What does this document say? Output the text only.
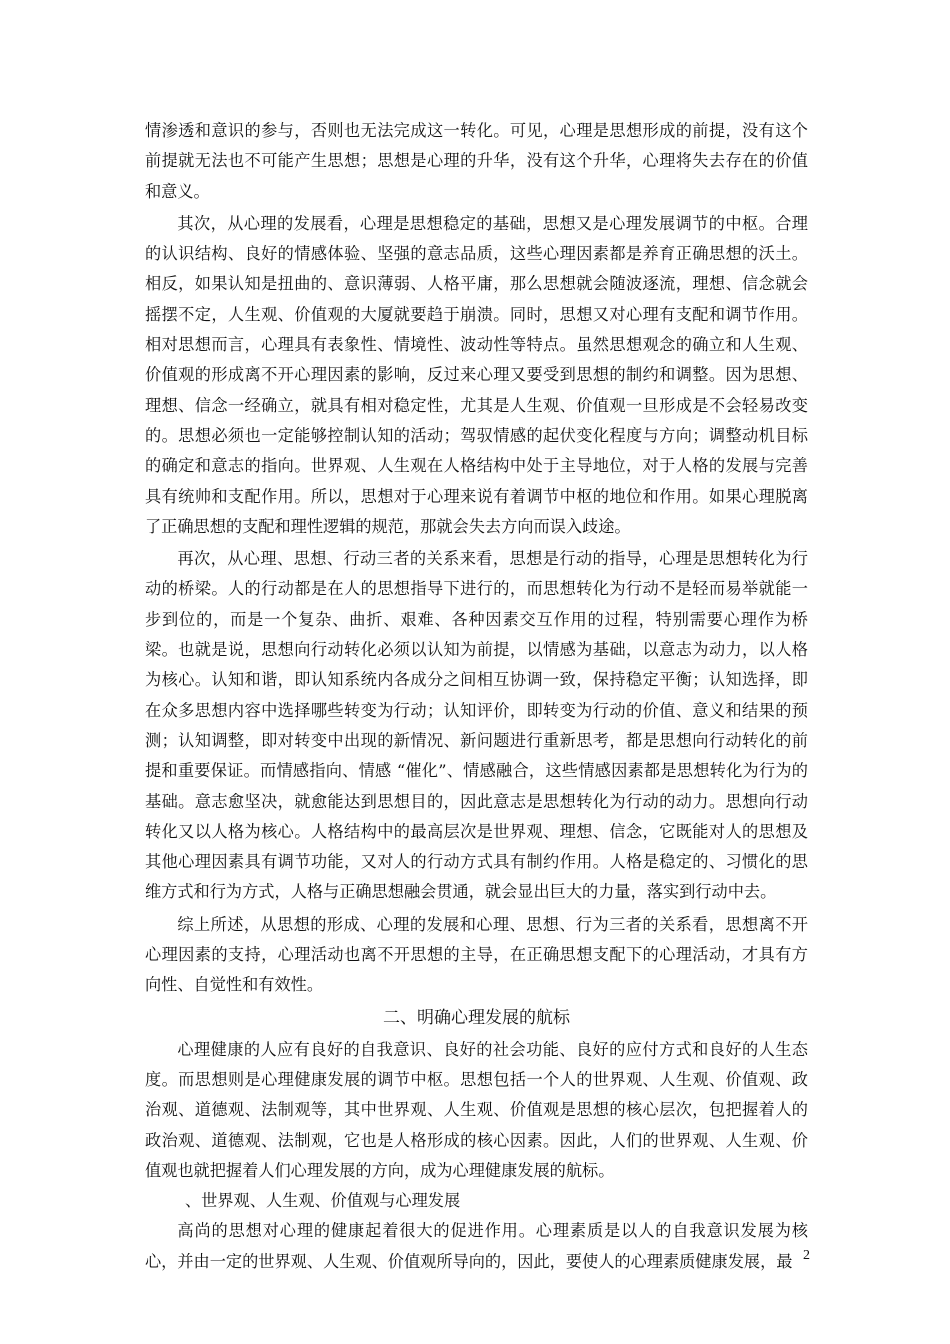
情渗透和意识的参与，否则也无法完成这一转化。可见，心理是思想形成的前提，没有这个前提就无法也不可能产生思想；思想是心理的升华，没有这个升华，心理将失去存在的价值和意义。

其次，从心理的发展看，心理是思想稳定的基础，思想又是心理发展调节的中枢。合理的认识结构、良好的情感体验、坚强的意志品质，这些心理因素都是养育正确思想的沃土。相反，如果认知是扭曲的、意识薄弱、人格平庸，那么思想就会随波逐流，理想、信念就会摇摆不定，人生观、价值观的大厦就要趋于崩溃。同时，思想又对心理有支配和调节作用。相对思想而言，心理具有表象性、情境性、波动性等特点。虽然思想观念的确立和人生观、价值观的形成离不开心理因素的影响，反过来心理又要受到思想的制约和调整。因为思想、理想、信念一经确立，就具有相对稳定性，尤其是人生观、价值观一旦形成是不会轻易改变的。思想必须也一定能够控制认知的活动；驾驭情感的起伏变化程度与方向；调整动机目标的确定和意志的指向。世界观、人生观在人格结构中处于主导地位，对于人格的发展与完善具有统帅和支配作用。所以，思想对于心理来说有着调节中枢的地位和作用。如果心理脱离了正确思想的支配和理性逻辑的规范，那就会失去方向而误入歧途。

再次，从心理、思想、行动三者的关系来看，思想是行动的指导，心理是思想转化为行动的桥梁。人的行动都是在人的思想指导下进行的，而思想转化为行动不是轻而易举就能一步到位的，而是一个复杂、曲折、艰难、各种因素交互作用的过程，特别需要心理作为桥梁。也就是说，思想向行动转化必须以认知为前提，以情感为基础，以意志为动力，以人格为核心。认知和谐，即认知系统内各成分之间相互协调一致，保持稳定平衡；认知选择，即在众多思想内容中选择哪些转变为行动；认知评价，即转变为行动的价值、意义和结果的预测；认知调整，即对转变中出现的新情况、新问题进行重新思考，都是思想向行动转化的前提和重要保证。而情感指向、情感 “催化”、情感融合，这些情感因素都是思想转化为行为的基础。意志愈坚决，就愈能达到思想目的，因此意志是思想转化为行动的动力。思想向行动转化又以人格为核心。人格结构中的最高层次是世界观、理想、信念，它既能对人的思想及其他心理因素具有调节功能，又对人的行动方式具有制约作用。人格是稳定的、习惯化的思维方式和行为方式，人格与正确思想融会贯通，就会显出巨大的力量，落实到行动中去。

综上所述，从思想的形成、心理的发展和心理、思想、行为三者的关系看，思想离不开心理因素的支持，心理活动也离不开思想的主导，在正确思想支配下的心理活动，才具有方向性、自觉性和有效性。

二、明确心理发展的航标

心理健康的人应有良好的自我意识、良好的社会功能、良好的应付方式和良好的人生态度。而思想则是心理健康发展的调节中枢。思想包括一个人的世界观、人生观、价值观、政治观、道德观、法制观等，其中世界观、人生观、价值观是思想的核心层次，包把握着人的政治观、道德观、法制观，它也是人格形成的核心因素。因此，人们的世界观、人生观、价值观也就把握着人们心理发展的方向，成为心理健康发展的航标。

、世界观、人生观、价值观与心理发展

高尚的思想对心理的健康起着很大的促进作用。心理素质是以人的自我意识发展为核心，并由一定的世界观、人生观、价值观所导向的，因此，要使人的心理素质健康发展，最 2
